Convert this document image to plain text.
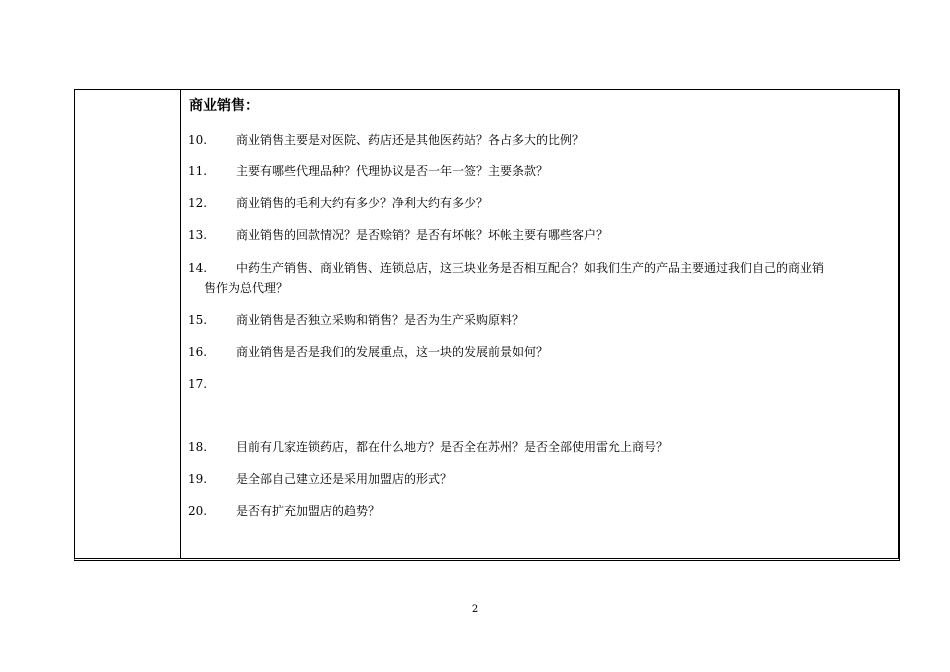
商业销售：
10. 商业销售主要是对医院、药店还是其他医药站？各占多大的比例？
11. 主要有哪些代理品种？代理协议是否一年一签？主要条款？
12. 商业销售的毛利大约有多少？净利大约有多少？
13. 商业销售的回款情况？是否赊销？是否有坏帐？坏帐主要有哪些客户？
14. 中药生产销售、商业销售、连锁总店，这三块业务是否相互配合？如我们生产的产品主要通过我们自己的商业销
售作为总代理？
15. 商业销售是否独立采购和销售？是否为生产采购原料？
16. 商业销售是否是我们的发展重点，这一块的发展前景如何？
17.
18. 目前有几家连锁药店，都在什么地方？是否全在苏州？是否全部使用雷允上商号？
19. 是全部自己建立还是采用加盟店的形式？
20. 是否有扩充加盟店的趋势？
2
